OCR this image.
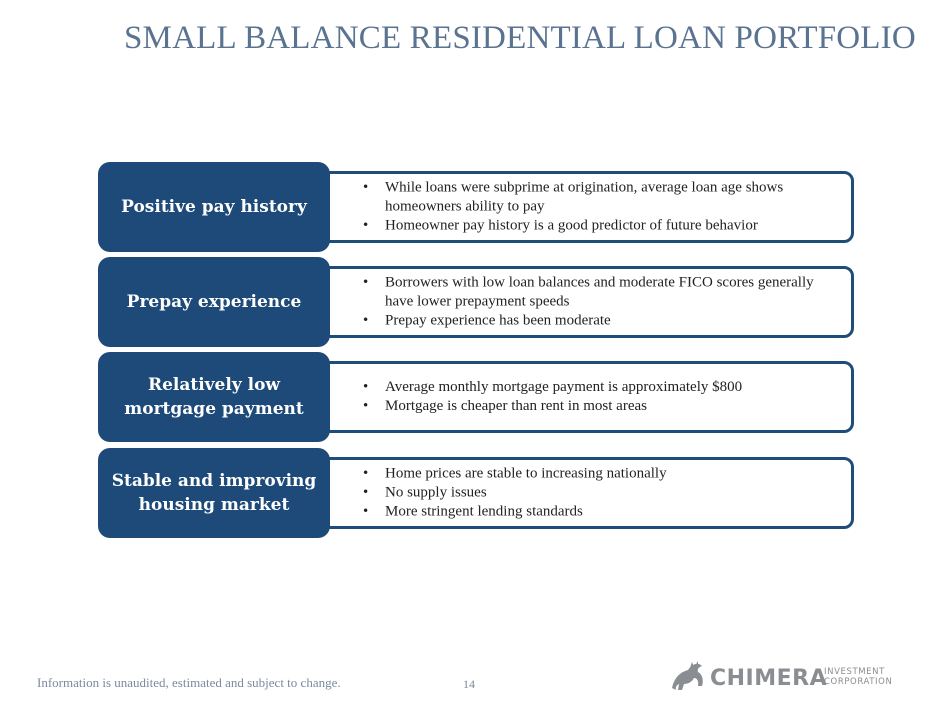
SMALL BALANCE RESIDENTIAL LOAN PORTFOLIO
• While loans were subprime at origination, average loan age shows homeowners ability to pay
• Homeowner pay history is a good predictor of future behavior
Positive pay history
• Borrowers with low loan balances and moderate FICO scores generally have lower prepayment speeds
• Prepay experience has been moderate
Prepay experience
• Average monthly mortgage payment is approximately $800
• Mortgage is cheaper than rent in most areas
Relatively low mortgage payment
• Home prices are stable to increasing nationally
• No supply issues
• More stringent lending standards
Stable and improving housing market
Information is unaudited, estimated and subject to change.	14	CHIMERA
INVESTMENT
CORPORATION
